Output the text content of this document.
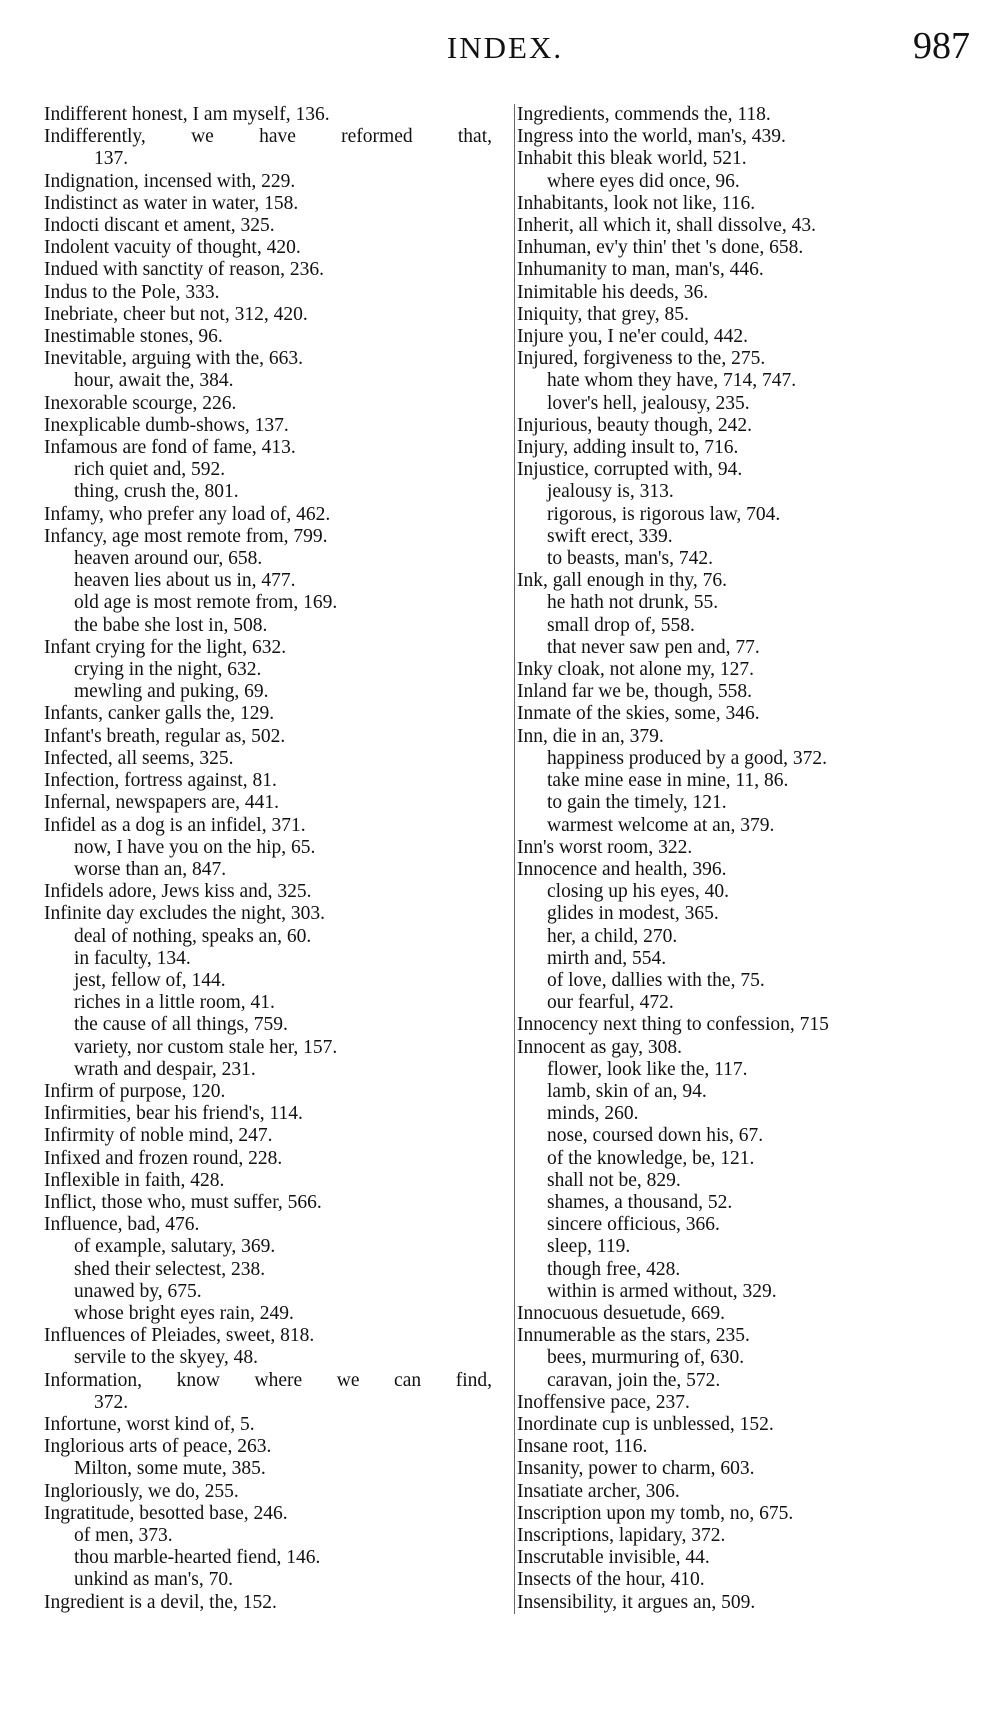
INDEX.	987
Indifferent honest, I am myself, 136.
Indifferently, we have reformed that,
137.
Indignation, incensed with, 229.
Indistinct as water in water, 158.
Indocti discant et ament, 325.
Indolent vacuity of thought, 420.
Indued with sanctity of reason, 236.
Indus to the Pole, 333.
Inebriate, cheer but not, 312, 420.
Inestimable stones, 96.
Inevitable, arguing with the, 663.
hour, await the, 384.
Inexorable scourge, 226.
Inexplicable dumb-shows, 137.
Infamous are fond of fame, 413.
rich quiet and, 592.
thing, crush the, 801.
Infamy, who prefer any load of, 462.
Infancy, age most remote from, 799.
heaven around our, 658.
heaven lies about us in, 477.
old age is most remote from, 169.
the babe she lost in, 508.
Infant crying for the light, 632.
crying in the night, 632.
mewling and puking, 69.
Infants, canker galls the, 129.
Infant's breath, regular as, 502.
Infected, all seems, 325.
Infection, fortress against, 81.
Infernal, newspapers are, 441.
Infidel as a dog is an infidel, 371.
now, I have you on the hip, 65.
worse than an, 847.
Infidels adore, Jews kiss and, 325.
Infinite day excludes the night, 303.
deal of nothing, speaks an, 60.
in faculty, 134.
jest, fellow of, 144.
riches in a little room, 41.
the cause of all things, 759.
variety, nor custom stale her, 157.
wrath and despair, 231.
Infirm of purpose, 120.
Infirmities, bear his friend's, 114.
Infirmity of noble mind, 247.
Infixed and frozen round, 228.
Inflexible in faith, 428.
Inflict, those who, must suffer, 566.
Influence, bad, 476.
of example, salutary, 369.
shed their selectest, 238.
unawed by, 675.
whose bright eyes rain, 249.
Influences of Pleiades, sweet, 818.
servile to the skyey, 48.
Information, know where we can find,
372.
Infortune, worst kind of, 5.
Inglorious arts of peace, 263.
Milton, some mute, 385.
Ingloriously, we do, 255.
Ingratitude, besotted base, 246.
of men, 373.
thou marble-hearted fiend, 146.
unkind as man's, 70.
Ingredient is a devil, the, 152.
Ingredients, commends the, 118.
Ingress into the world, man's, 439.
Inhabit this bleak world, 521.
where eyes did once, 96.
Inhabitants, look not like, 116.
Inherit, all which it, shall dissolve, 43.
Inhuman, ev'y thin' thet 's done, 658.
Inhumanity to man, man's, 446.
Inimitable his deeds, 36.
Iniquity, that grey, 85.
Injure you, I ne'er could, 442.
Injured, forgiveness to the, 275.
hate whom they have, 714, 747.
lover's hell, jealousy, 235.
Injurious, beauty though, 242.
Injury, adding insult to, 716.
Injustice, corrupted with, 94.
jealousy is, 313.
rigorous, is rigorous law, 704.
swift erect, 339.
to beasts, man's, 742.
Ink, gall enough in thy, 76.
he hath not drunk, 55.
small drop of, 558.
that never saw pen and, 77.
Inky cloak, not alone my, 127.
Inland far we be, though, 558.
Inmate of the skies, some, 346.
Inn, die in an, 379.
happiness produced by a good, 372.
take mine ease in mine, 11, 86.
to gain the timely, 121.
warmest welcome at an, 379.
Inn's worst room, 322.
Innocence and health, 396.
closing up his eyes, 40.
glides in modest, 365.
her, a child, 270.
mirth and, 554.
of love, dallies with the, 75.
our fearful, 472.
Innocency next thing to confession, 715
Innocent as gay, 308.
flower, look like the, 117.
lamb, skin of an, 94.
minds, 260.
nose, coursed down his, 67.
of the knowledge, be, 121.
shall not be, 829.
shames, a thousand, 52.
sincere officious, 366.
sleep, 119.
though free, 428.
within is armed without, 329.
Innocuous desuetude, 669.
Innumerable as the stars, 235.
bees, murmuring of, 630.
caravan, join the, 572.
Inoffensive pace, 237.
Inordinate cup is unblessed, 152.
Insane root, 116.
Insanity, power to charm, 603.
Insatiate archer, 306.
Inscription upon my tomb, no, 675.
Inscriptions, lapidary, 372.
Inscrutable invisible, 44.
Insects of the hour, 410.
Insensibility, it argues an, 509.
